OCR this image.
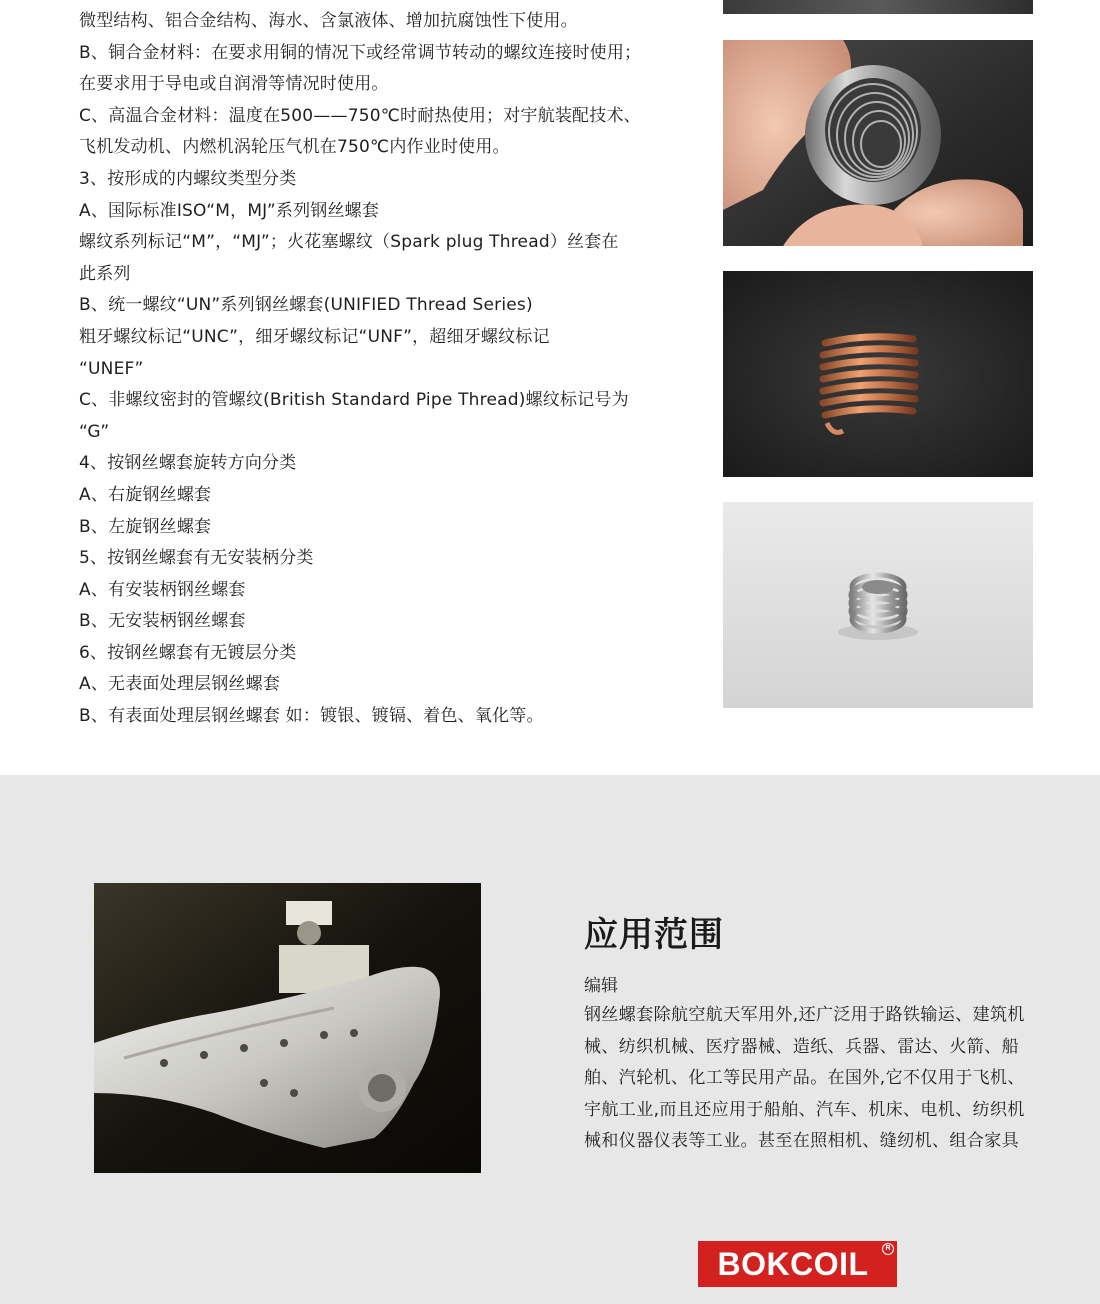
微型结构、铝合金结构、海水、含氯液体、增加抗腐蚀性下使用。
B、铜合金材料：在要求用铜的情况下或经常调节转动的螺纹连接时使用；
在要求用于导电或自润滑等情况时使用。
C、高温合金材料：温度在500——750℃时耐热使用；对宇航装配技术、
飞机发动机、内燃机涡轮压气机在750℃内作业时使用。
3、按形成的内螺纹类型分类
A、国际标准ISO“M，MJ”系列钢丝螺套
螺纹系列标记“M”，“MJ”；火花塞螺纹（Spark plug Thread）丝套在
此系列
B、统一螺纹“UN”系列钢丝螺套(UNIFIED Thread Series)
粗牙螺纹标记“UNC”，细牙螺纹标记“UNF”，超细牙螺纹标记
“UNEF”
C、非螺纹密封的管螺纹(British Standard Pipe Thread)螺纹标记号为
“G”
4、按钢丝螺套旋转方向分类
A、右旋钢丝螺套
B、左旋钢丝螺套
5、按钢丝螺套有无安装柄分类
A、有安装柄钢丝螺套
B、无安装柄钢丝螺套
6、按钢丝螺套有无镀层分类
A、无表面处理层钢丝螺套
B、有表面处理层钢丝螺套 如：镀银、镀镉、着色、氧化等。
应用范围
编辑
钢丝螺套除航空航天军用外,还广泛用于路铁输运、建筑机
械、纺织机械、医疗器械、造纸、兵器、雷达、火箭、船
舶、汽轮机、化工等民用产品。在国外,它不仅用于飞机、
宇航工业,而且还应用于船舶、汽车、机床、电机、纺织机
械和仪器仪表等工业。甚至在照相机、缝纫机、组合家具
BOKCOIL	R
